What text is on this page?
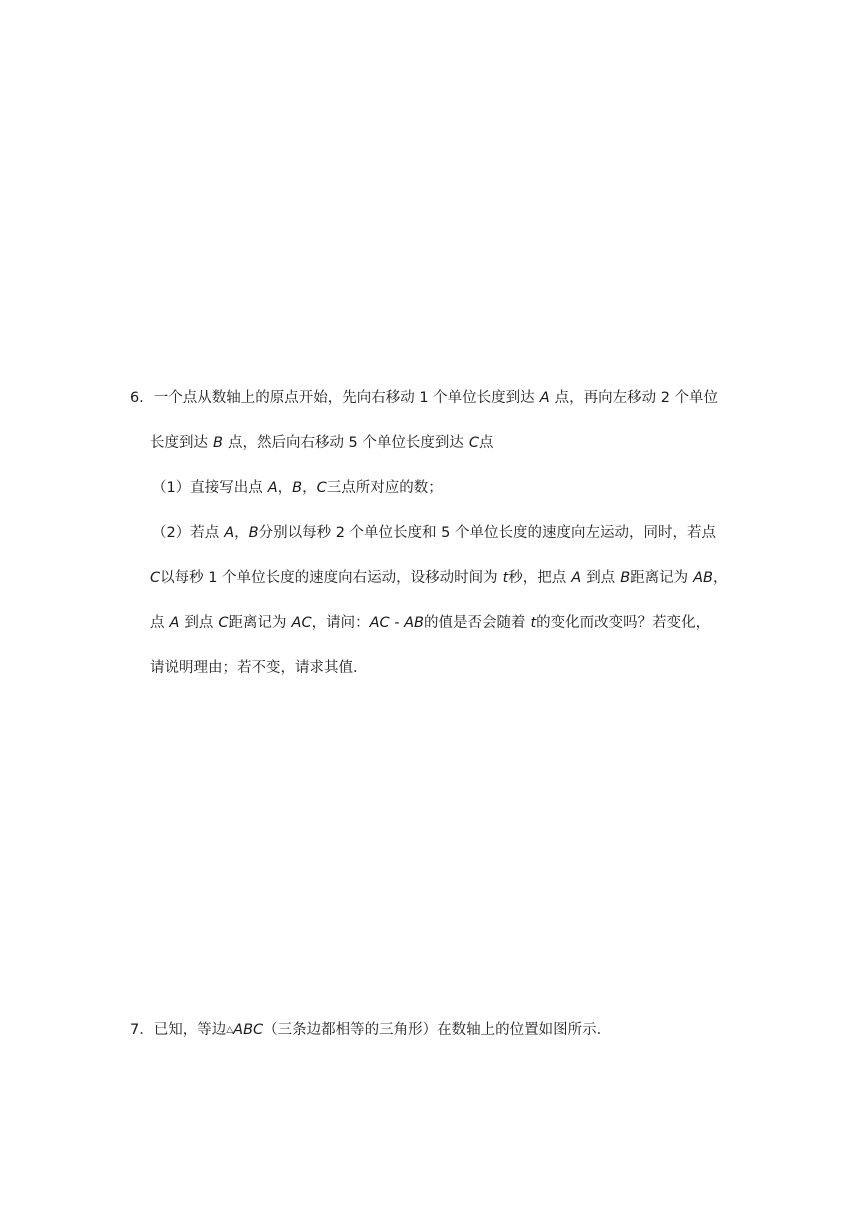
6．一个点从数轴上的原点开始，先向右移动 1 个单位长度到达 A 点，再向左移动 2 个单位
长度到达 B 点，然后向右移动 5 个单位长度到达 C点
（1）直接写出点 A，B，C三点所对应的数；
（2）若点 A，B分别以每秒 2 个单位长度和 5 个单位长度的速度向左运动，同时，若点
C以每秒 1 个单位长度的速度向右运动，设移动时间为 t秒，把点 A 到点 B距离记为 AB，
点 A 到点 C距离记为 AC，请问：AC - AB的值是否会随着 t的变化而改变吗？若变化，
请说明理由；若不变，请求其值．
7．已知，等边△ABC（三条边都相等的三角形）在数轴上的位置如图所示．
